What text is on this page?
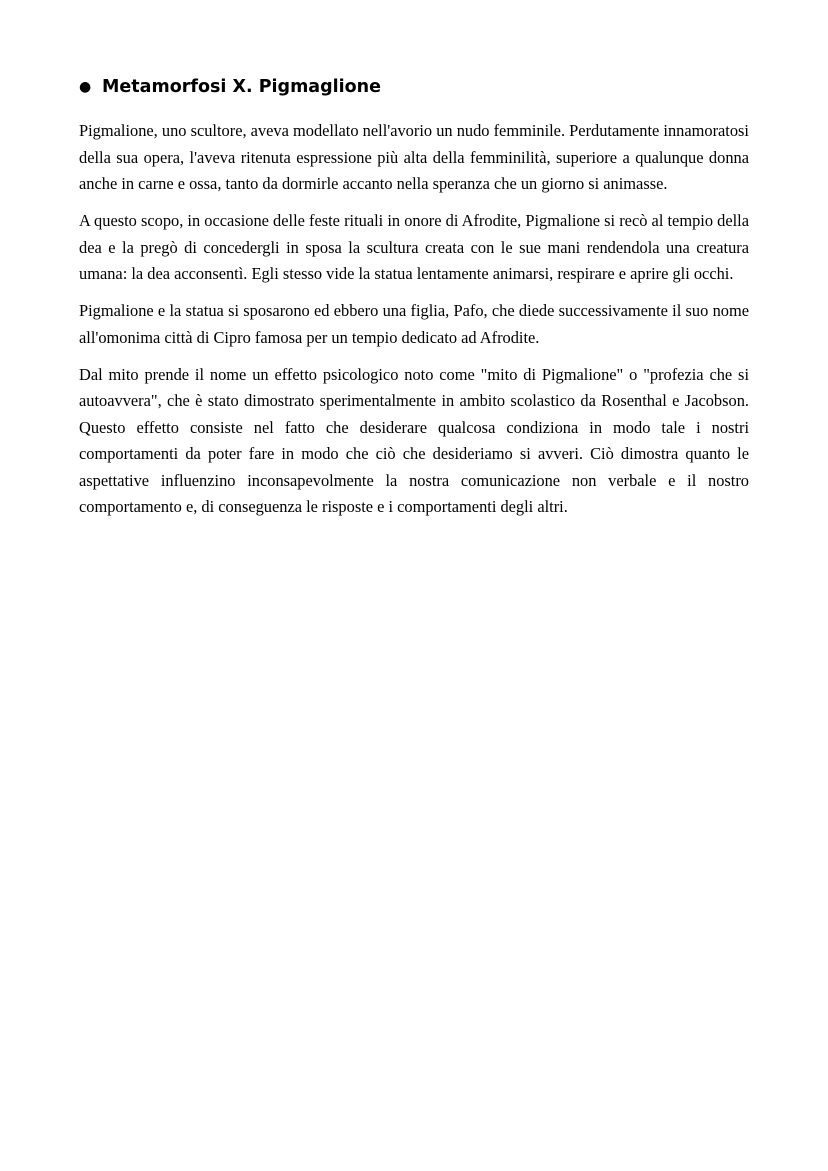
● Metamorfosi X. Pigmaglione

Pigmalione, uno scultore, aveva modellato nell'avorio un nudo femminile. Perdutamente innamoratosi della sua opera, l'aveva ritenuta espressione più alta della femminilità, superiore a qualunque donna anche in carne e ossa, tanto da dormirle accanto nella speranza che un giorno si animasse.

A questo scopo, in occasione delle feste rituali in onore di Afrodite, Pigmalione si recò al tempio della dea e la pregò di concedergli in sposa la scultura creata con le sue mani rendendola una creatura umana: la dea acconsentì. Egli stesso vide la statua lentamente animarsi, respirare e aprire gli occhi.

Pigmalione e la statua si sposarono ed ebbero una figlia, Pafo, che diede successivamente il suo nome all'omonima città di Cipro famosa per un tempio dedicato ad Afrodite.

Dal mito prende il nome un effetto psicologico noto come "mito di Pigmalione" o "profezia che si autoavvera", che è stato dimostrato sperimentalmente in ambito scolastico da Rosenthal e Jacobson. Questo effetto consiste nel fatto che desiderare qualcosa condiziona in modo tale i nostri comportamenti da poter fare in modo che ciò che desideriamo si avveri. Ciò dimostra quanto le aspettative influenzino inconsapevolmente la nostra comunicazione non verbale e il nostro comportamento e, di conseguenza le risposte e i comportamenti degli altri.
